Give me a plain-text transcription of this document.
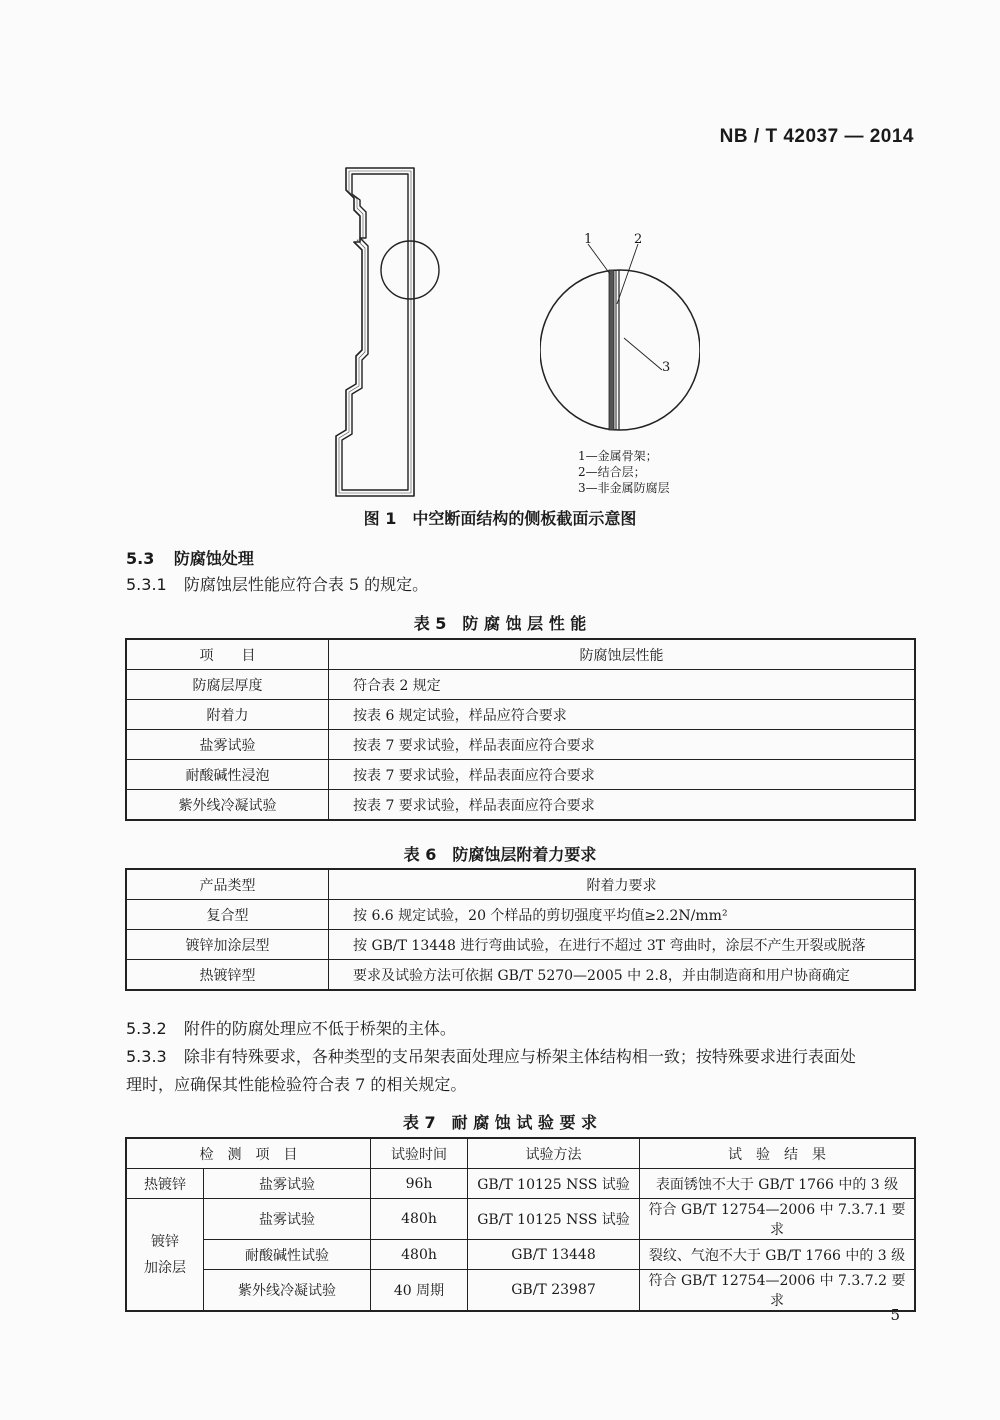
NB / T 42037 — 2014
1	2
3
1—金属骨架；
2—结合层；
3—非金属防腐层
图 1　中空断面结构的侧板截面示意图
5.3 防腐蚀处理
5.3.1 防腐蚀层性能应符合表 5 的规定。
表 5　防 腐 蚀 层 性 能
项　　目	防腐蚀层性能
防腐层厚度	符合表 2 规定
附着力	按表 6 规定试验，样品应符合要求
盐雾试验	按表 7 要求试验，样品表面应符合要求
耐酸碱性浸泡	按表 7 要求试验，样品表面应符合要求
紫外线冷凝试验	按表 7 要求试验，样品表面应符合要求
表 6　防腐蚀层附着力要求
产品类型	附着力要求
复合型	按 6.6 规定试验，20 个样品的剪切强度平均值≥2.2N/mm²
镀锌加涂层型	按 GB/T 13448 进行弯曲试验，在进行不超过 3T 弯曲时，涂层不产生开裂或脱落
热镀锌型	要求及试验方法可依据 GB/T 5270—2005 中 2.8，并由制造商和用户协商确定
5.3.2 附件的防腐处理应不低于桥架的主体。
5.3.3 除非有特殊要求，各种类型的支吊架表面处理应与桥架主体结构相一致；按特殊要求进行表面处
理时，应确保其性能检验符合表 7 的相关规定。
表 7　耐 腐 蚀 试 验 要 求
检　测　项　目		试验时间	试验方法	试　验　结　果
热镀锌	盐雾试验	96h	GB/T 10125 NSS 试验	表面锈蚀不大于 GB/T 1766 中的 3 级
镀锌
加涂层	盐雾试验	480h	GB/T 10125 NSS 试验	符合 GB/T 12754—2006 中 7.3.7.1 要求
	耐酸碱性试验	480h	GB/T 13448	裂纹、气泡不大于 GB/T 1766 中的 3 级
	紫外线冷凝试验	40 周期	GB/T 23987	符合 GB/T 12754—2006 中 7.3.7.2 要求
5
